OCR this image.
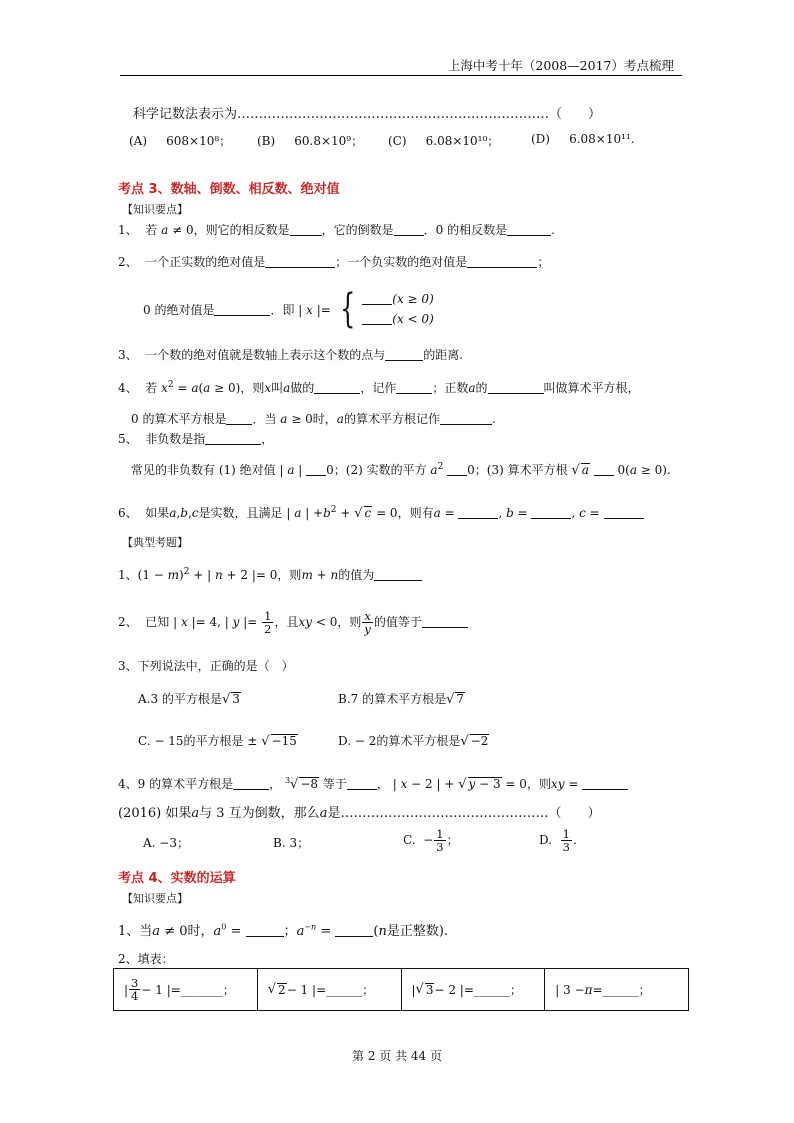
上海中考十年（2008—2017）考点梳理
科学记数法表示为………………………………………………………………（　　）
(A) 608×10⁸； (B) 60.8×10⁹； (C) 6.08×10¹⁰；	(D) 6.08×10¹¹.
考点 3、数轴、倒数、相反数、绝对值
【知识要点】
1、 若 a ≠ 0，则它的相反数是	，它的倒数是	．0 的相反数是	.
2、 一个正实数的绝对值是	；一个负实数的绝对值是	；
0 的绝对值是	．即 | x |= {	(x ≥ 0)
(x < 0)
3、 一个数的绝对值就是数轴上表示这个数的点与	的距离.
4、 若 $x^2 = a(a \ge 0)$，则x叫a做的	，记作	；正数a的	叫做算术平方根，
0 的算术平方根是 ．当 a ≥ 0时，a的算术平方根记作	.
5、 非负数是指	，
常见的非负数有 (1) 绝对值 | a | 0；(2) 实数的平方 $a^2$ 0；(3) 算术平方根 √ a  0(a ≥ 0).
6、 如果a,b,c是实数，且满足 | a | $+b^2$ + √ c = 0，则有a =	, b =	, c =
【典型考题】
1、$(1 - m)^2$ + | n + 2 |= 0，则m + n的值为
2、 已知 | x |= 4, | y |= $\frac{1}{2}$ ，且xy < 0，则 $\frac{x}{y}$ 的值等于
3、下列说法中，正确的是（　）
A.3 的平方根是√ 3	B.7 的算术平方根是√ 7
C. − 15的平方根是 ± √ −15	D. − 2的算术平方根是√ −2
4、9 的算术平方根是	， $^3$√ −8 等于	， | x − 2 | + √ y − 3 = 0，则xy =
(2016) 如果a与 3 互为倒数，那么a是…………………………………………（　　）
A. −3；	B. 3；	C.  − $\frac{1}{3}$ ；	D. $\frac{1}{3}$ .
考点 4、实数的运算
【知识要点】
1、当a ≠ 0时，$a^0$ =	；$a^{-n}$ =	(n是正整数).
2、填表：
| $\frac{3}{4} - 1$ | =_______；	√ 2 − 1 | =______；	| √ 3 − 2 | =______；	| 3 − π =______；
第 2 页 共 44 页
